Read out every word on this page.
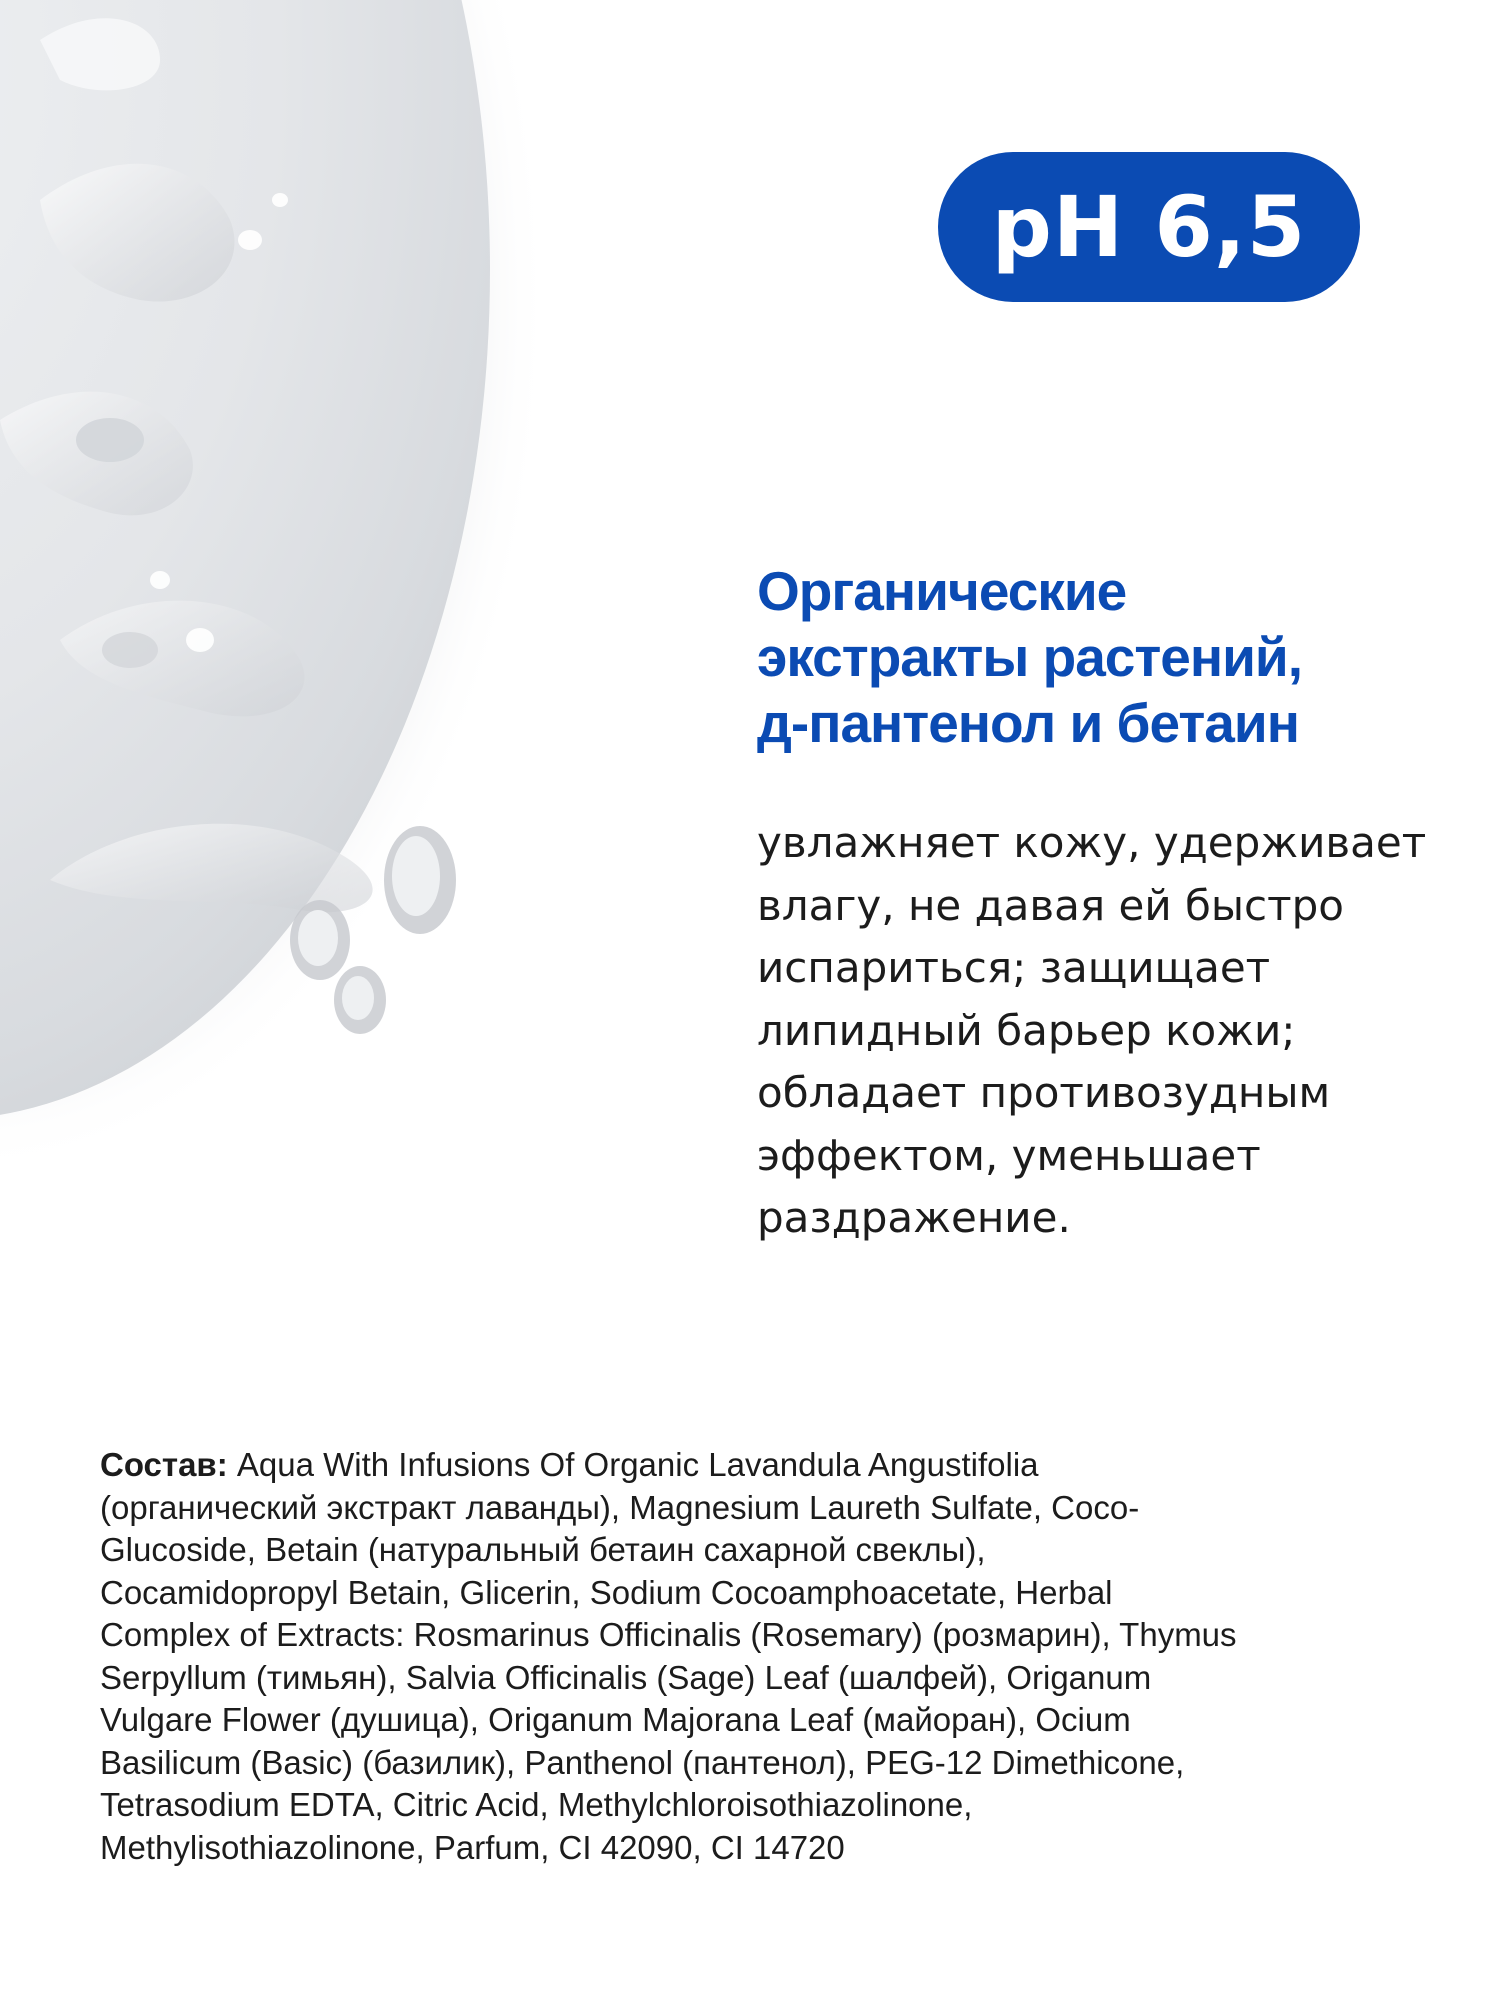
pH 6,5
Органические
экстракты растений,
д-пантенол и бетаин

увлажняет кожу, удерживает
влагу, не давая ей быстро
испариться; защищает
липидный барьер кожи;
обладает противозудным
эффектом, уменьшает
раздражение.

Состав: Aqua With Infusions Of Organic Lavandula Angustifolia
(органический экстракт лаванды), Magnesium Laureth Sulfate, Coco-
Glucoside, Betain (натуральный бетаин сахарной свеклы),
Cocamidopropyl Betain, Glicerin, Sodium Cocoamphoacetate, Herbal
Complex of Extracts: Rosmarinus Officinalis (Rosemary) (розмарин), Thymus
Serpyllum (тимьян), Salvia Officinalis (Sage) Leaf (шалфей), Origanum
Vulgare Flower (душица), Origanum Majorana Leaf (майоран), Ocium
Basilicum (Basic) (базилик), Panthenol (пантенол), PEG-12 Dimethicone,
Tetrasodium EDTA, Citric Acid, Methylchloroisothiazolinone,
Methylisothiazolinone, Parfum, CI 42090, CI 14720
